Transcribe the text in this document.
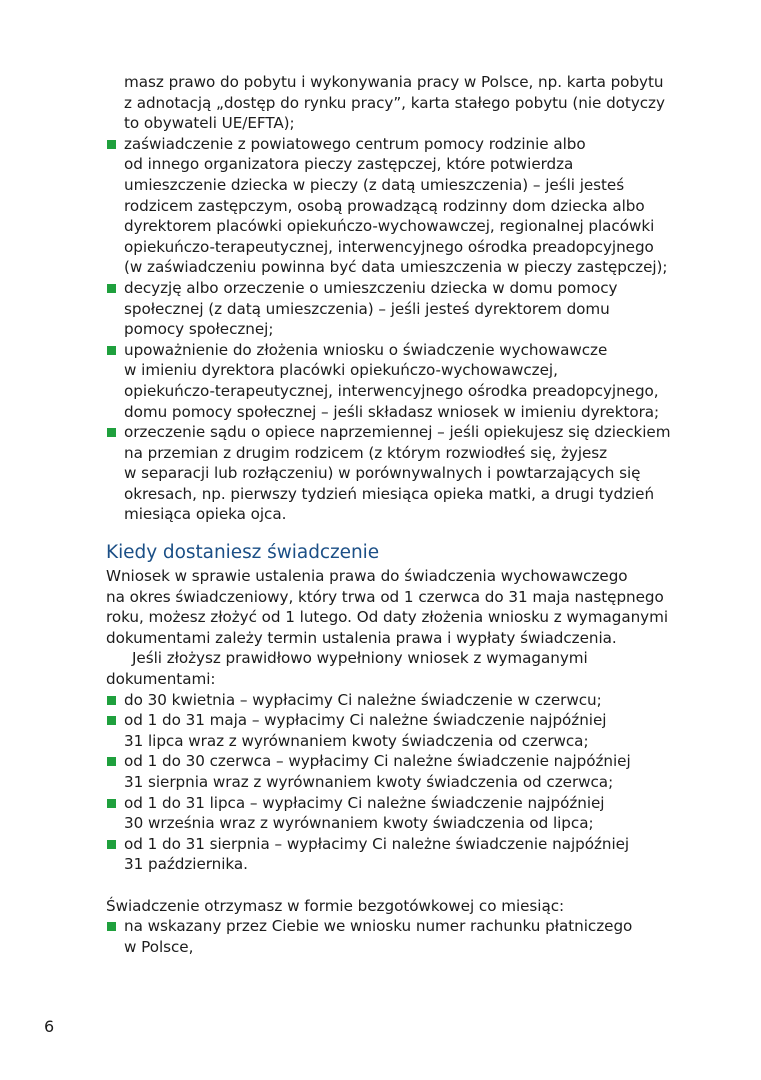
masz prawo do pobytu i wykonywania pracy w Polsce, np. karta pobytu
z adnotacją „dostęp do rynku pracy”, karta stałego pobytu (nie dotyczy
to obywateli UE/EFTA);
zaświadczenie z powiatowego centrum pomocy rodzinie albo
od innego organizatora pieczy zastępczej, które potwierdza
umieszczenie dziecka w pieczy (z datą umieszczenia) – jeśli jesteś
rodzicem zastępczym, osobą prowadzącą rodzinny dom dziecka albo
dyrektorem placówki opiekuńczo-wychowawczej, regionalnej placówki
opiekuńczo-terapeutycznej, interwencyjnego ośrodka preadopcyjnego
(w zaświadczeniu powinna być data umieszczenia w pieczy zastępczej);
decyzję albo orzeczenie o umieszczeniu dziecka w domu pomocy
społecznej (z datą umieszczenia) – jeśli jesteś dyrektorem domu
pomocy społecznej;
upoważnienie do złożenia wniosku o świadczenie wychowawcze
w imieniu dyrektora placówki opiekuńczo-wychowawczej,
opiekuńczo-terapeutycznej, interwencyjnego ośrodka preadopcyjnego,
domu pomocy społecznej – jeśli składasz wniosek w imieniu dyrektora;
orzeczenie sądu o opiece naprzemiennej – jeśli opiekujesz się dzieckiem
na przemian z drugim rodzicem (z którym rozwiodłeś się, żyjesz
w separacji lub rozłączeniu) w porównywalnych i powtarzających się
okresach, np. pierwszy tydzień miesiąca opieka matki, a drugi tydzień
miesiąca opieka ojca.
Kiedy dostaniesz świadczenie
Wniosek w sprawie ustalenia prawa do świadczenia wychowawczego
na okres świadczeniowy, który trwa od 1 czerwca do 31 maja następnego
roku, możesz złożyć od 1 lutego. Od daty złożenia wniosku z wymaganymi
dokumentami zależy termin ustalenia prawa i wypłaty świadczenia.
Jeśli złożysz prawidłowo wypełniony wniosek z wymaganymi
dokumentami:
do 30 kwietnia – wypłacimy Ci należne świadczenie w czerwcu;
od 1 do 31 maja – wypłacimy Ci należne świadczenie najpóźniej
31 lipca wraz z wyrównaniem kwoty świadczenia od czerwca;
od 1 do 30 czerwca – wypłacimy Ci należne świadczenie najpóźniej
31 sierpnia wraz z wyrównaniem kwoty świadczenia od czerwca;
od 1 do 31 lipca – wypłacimy Ci należne świadczenie najpóźniej
30 września wraz z wyrównaniem kwoty świadczenia od lipca;
od 1 do 31 sierpnia – wypłacimy Ci należne świadczenie najpóźniej
31 października.
Świadczenie otrzymasz w formie bezgotówkowej co miesiąc:
na wskazany przez Ciebie we wniosku numer rachunku płatniczego
w Polsce,
6
